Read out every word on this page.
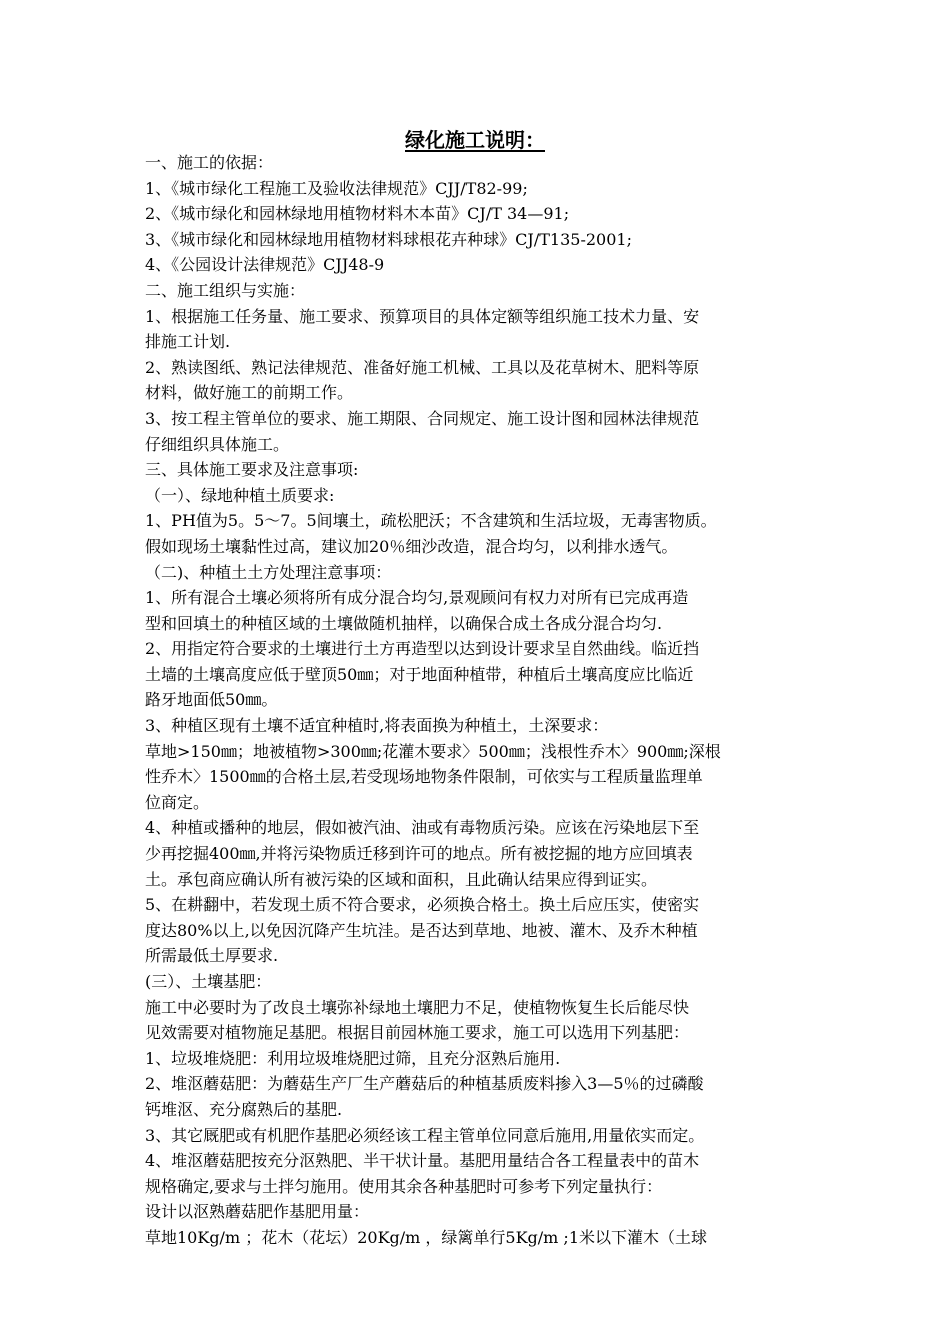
绿化施工说明：
一、施工的依据：
1、《城市绿化工程施工及验收法律规范》CJJ/T82-99;
2、《城市绿化和园林绿地用植物材料木本苗》CJ/T 34—91;
3、《城市绿化和园林绿地用植物材料球根花卉种球》CJ/T135-2001;
4、《公园设计法律规范》CJJ48-9
二、施工组织与实施：
1、根据施工任务量、施工要求、预算项目的具体定额等组织施工技术力量、安
排施工计划.
2、熟读图纸、熟记法律规范、准备好施工机械、工具以及花草树木、肥料等原
材料，做好施工的前期工作。
3、按工程主管单位的要求、施工期限、合同规定、施工设计图和园林法律规范
仔细组织具体施工。
三、具体施工要求及注意事项:
（一）、绿地种植土质要求:
1、PH值为5。5～7。5间壤土，疏松肥沃；不含建筑和生活垃圾，无毒害物质。
假如现场土壤黏性过高，建议加20％细沙改造，混合均匀，以利排水透气。
（二)、种植土土方处理注意事项：
1、所有混合土壤必须将所有成分混合均匀,景观顾问有权力对所有已完成再造
型和回填土的种植区域的土壤做随机抽样，以确保合成土各成分混合均匀.
2、用指定符合要求的土壤进行土方再造型以达到设计要求呈自然曲线。临近挡
土墙的土壤高度应低于壁顶50㎜；对于地面种植带，种植后土壤高度应比临近
路牙地面低50㎜。
3、种植区现有土壤不适宜种植时,将表面换为种植土，土深要求：
草地>150㎜；地被植物>300㎜;花灌木要求〉500㎜；浅根性乔木〉900㎜;深根
性乔木〉1500㎜的合格土层,若受现场地物条件限制，可依实与工程质量监理单
位商定。
4、种植或播种的地层，假如被汽油、油或有毒物质污染。应该在污染地层下至
少再挖掘400㎜,并将污染物质迁移到许可的地点。所有被挖掘的地方应回填表
土。承包商应确认所有被污染的区域和面积，且此确认结果应得到证实。
5、在耕翻中，若发现土质不符合要求，必须换合格土。换土后应压实，使密实
度达80%以上,以免因沉降产生坑洼。是否达到草地、地被、灌木、及乔木种植
所需最低土厚要求.
(三）、土壤基肥：
施工中必要时为了改良土壤弥补绿地土壤肥力不足，使植物恢复生长后能尽快
见效需要对植物施足基肥。根据目前园林施工要求，施工可以选用下列基肥：
1、垃圾堆烧肥：利用垃圾堆烧肥过筛，且充分沤熟后施用.
2、堆沤蘑菇肥：为蘑菇生产厂生产蘑菇后的种植基质废料掺入3—5％的过磷酸
钙堆沤、充分腐熟后的基肥.
3、其它厩肥或有机肥作基肥必须经该工程主管单位同意后施用,用量依实而定。
4、堆沤蘑菇肥按充分沤熟肥、半干状计量。基肥用量结合各工程量表中的苗木
规格确定,要求与土拌匀施用。使用其余各种基肥时可参考下列定量执行：
设计以沤熟蘑菇肥作基肥用量：
草地10Kg/m ；花木（花坛）20Kg/m ，绿篱单行5Kg/m ;1米以下灌木（土球
